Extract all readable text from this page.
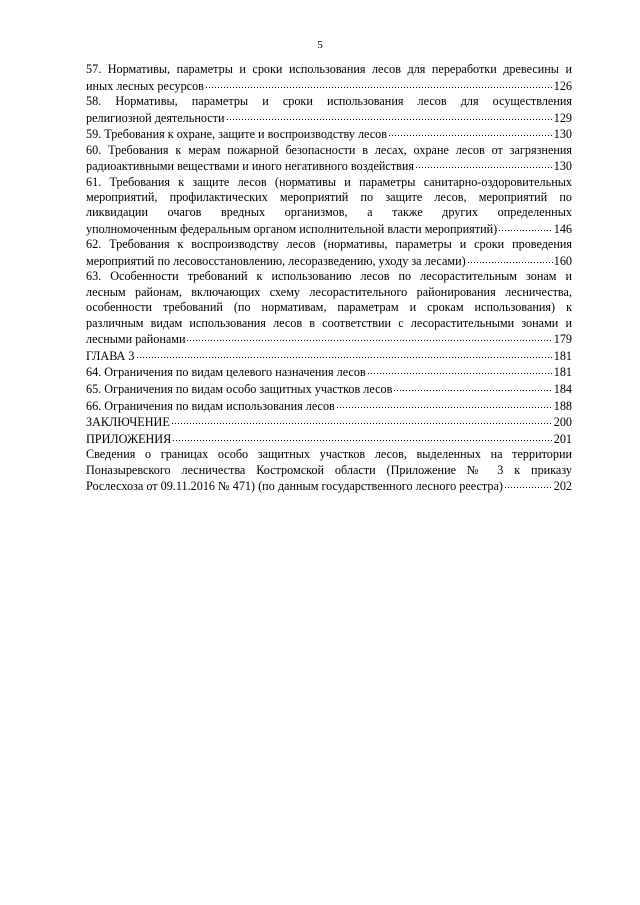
5
57. Нормативы, параметры и сроки использования лесов для переработки древесины и
иных лесных ресурсов	126
58. Нормативы, параметры и сроки использования лесов для осуществления
религиозной деятельности	129
59. Требования к охране, защите и воспроизводству лесов	130
60. Требования к мерам пожарной безопасности в лесах, охране лесов от загрязнения
радиоактивными веществами и иного негативного воздействия	130
61. Требования к защите лесов (нормативы и параметры санитарно-оздоровительных
мероприятий, профилактических мероприятий по защите лесов, мероприятий по
ликвидации очагов вредных организмов, а также других определенных
уполномоченным федеральным органом исполнительной власти мероприятий)	146
62. Требования к воспроизводству лесов (нормативы, параметры и сроки проведения
мероприятий по лесовосстановлению, лесоразведению, уходу за лесами)	160
63. Особенности требований к использованию лесов по лесорастительным зонам и
лесным районам, включающих схему лесорастительного районирования лесничества,
особенности требований (по нормативам, параметрам и срокам использования) к
различным видам использования лесов в соответствии с лесорастительными зонами и
лесными районами	179
ГЛАВА 3	181
64. Ограничения по видам целевого назначения лесов	181
65. Ограничения по видам особо защитных участков лесов	184
66. Ограничения по видам использования лесов	188
ЗАКЛЮЧЕНИЕ	200
ПРИЛОЖЕНИЯ	201
Сведения о границах особо защитных участков лесов, выделенных на территории
Поназыревского лесничества Костромской области (Приложение № 3 к приказу
Рослесхоза от 09.11.2016 № 471) (по данным государственного лесного реестра)	202
